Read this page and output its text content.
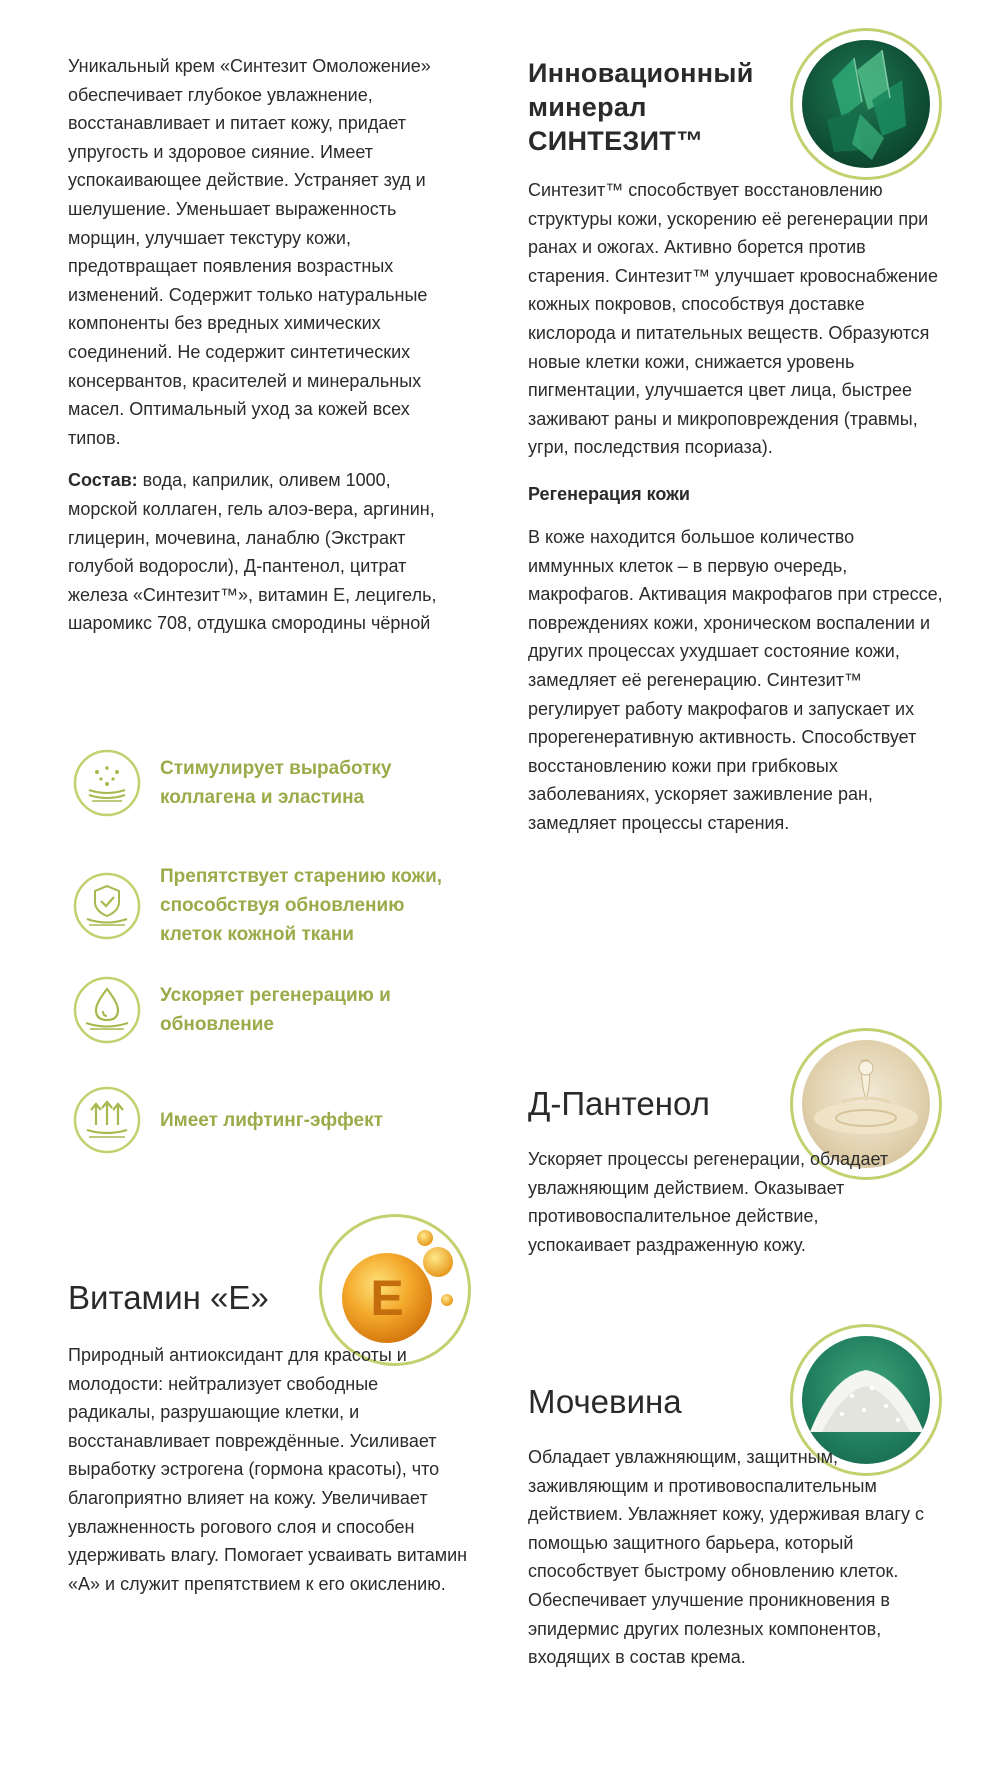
Уникальный крем «Синтезит Омоложение» обеспечивает глубокое увлажнение, восстанавливает и питает кожу, придает упругость и здоровое сияние. Имеет успокаивающее действие. Устраняет зуд и шелушение. Уменьшает выраженность морщин, улучшает текстуру кожи, предотвращает появления возрастных изменений. Содержит только натуральные компоненты без вредных химических соединений. Не содержит синтетических консервантов, красителей и минеральных масел. Оптимальный уход за кожей всех типов.

Состав: вода, каприлик, оливем 1000, морской коллаген, гель алоэ-вера, аргинин, глицерин, мочевина, ланаблю (Экстракт голубой водоросли), Д-пантенол, цитрат железа «Синтезит™», витамин Е, лецигель, шаромикс 708, отдушка смородины чёрной

Стимулирует выработку коллагена и эластина
Препятствует старению кожи, способствуя обновлению клеток кожной ткани
Ускоряет регенерацию и обновление
Имеет лифтинг-эффект
E
Витамин «Е»

Природный антиоксидант для красоты и молодости: нейтрализует свободные радикалы, разрушающие клетки, и восстанавливает повреждённые. Усиливает выработку эстрогена (гормона красоты), что благоприятно влияет на кожу. Увеличивает увлажненность рогового слоя и способен удерживать влагу. Помогает усваивать витамин «А» и служит препятствием к его окислению.

Инновационный
минерал
СИНТЕЗИТ™

Синтезит™ способствует восстановлению структуры кожи, ускорению её регенерации при ранах и ожогах. Активно борется против старения. Синтезит™ улучшает кровоснабжение кожных покровов, способствуя доставке кислорода и питательных веществ. Образуются новые клетки кожи, снижается уровень пигментации, улучшается цвет лица, быстрее заживают раны и микроповреждения (травмы, угри, последствия псориаза).

Регенерация кожи

В коже находится большое количество иммунных клеток – в первую очередь, макрофагов. Активация макрофагов при стрессе, повреждениях кожи, хроническом воспалении и других процессах ухудшает состояние кожи, замедляет её регенерацию. Синтезит™ регулирует работу макрофагов и запускает их прорегенеративную активность. Способствует восстановлению кожи при грибковых заболеваниях, ускоряет заживление ран, замедляет процессы старения.

Д-Пантенол

Ускоряет процессы регенерации, обладает увлажняющим действием. Оказывает противовоспалительное действие, успокаивает раздраженную кожу.

Мочевина

Обладает увлажняющим, защитным, заживляющим и противовоспалительным действием. Увлажняет кожу, удерживая влагу с помощью защитного барьера, который способствует быстрому обновлению клеток. Обеспечивает улучшение проникновения в эпидермис других полезных компонентов, входящих в состав крема.
